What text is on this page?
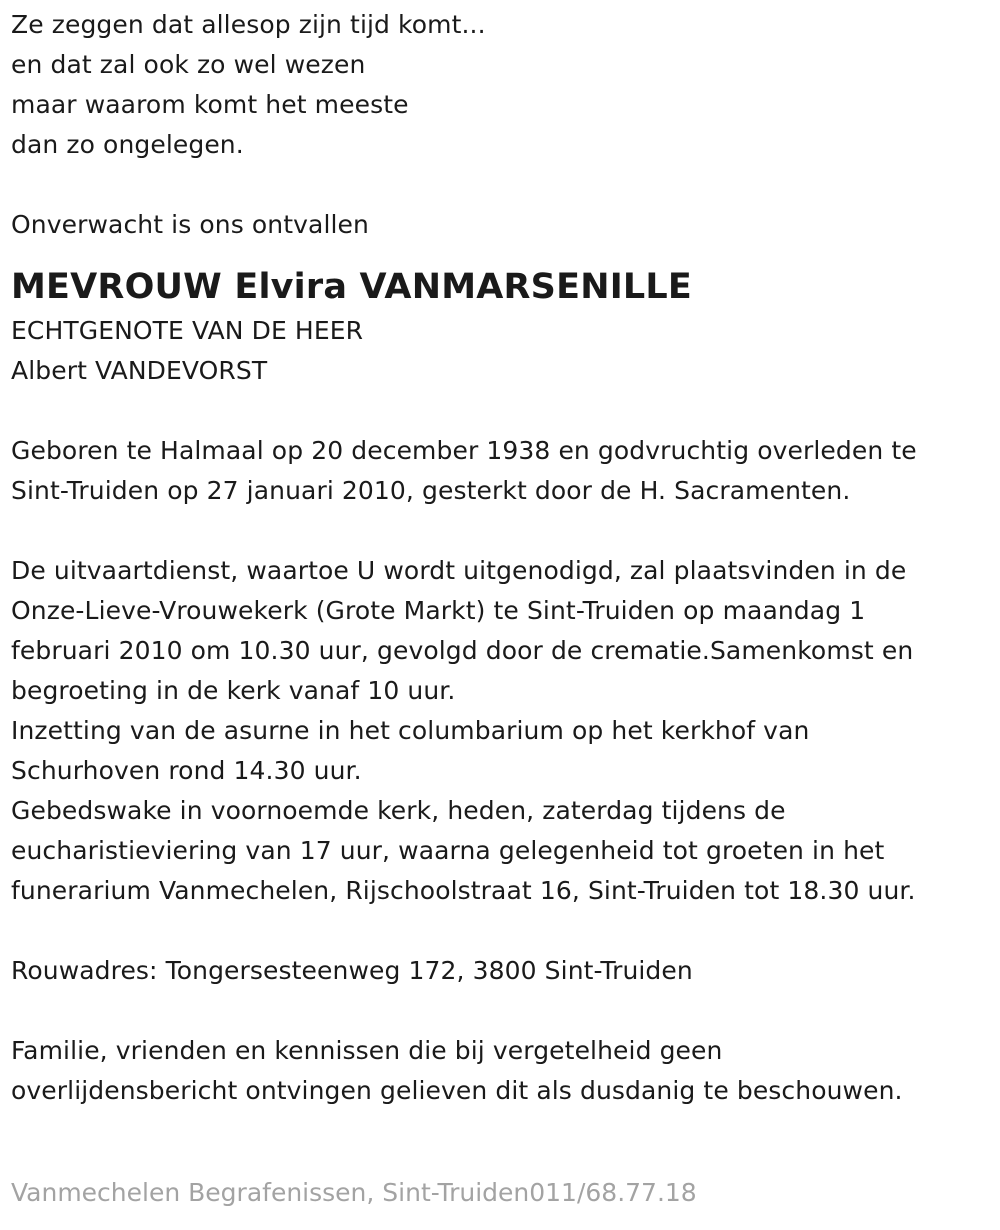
Ze zeggen dat allesop zijn tijd komt...
en dat zal ook zo wel wezen
maar waarom komt het meeste
dan zo ongelegen.
Onverwacht is ons ontvallen
MEVROUW Elvira VANMARSENILLE
ECHTGENOTE VAN DE HEER
Albert VANDEVORST
Geboren te Halmaal op 20 december 1938 en godvruchtig overleden te
Sint-Truiden op 27 januari 2010, gesterkt door de H. Sacramenten.
De uitvaartdienst, waartoe U wordt uitgenodigd, zal plaatsvinden in de
Onze-Lieve-Vrouwekerk (Grote Markt) te Sint-Truiden op maandag 1
februari 2010 om 10.30 uur, gevolgd door de crematie.Samenkomst en
begroeting in de kerk vanaf 10 uur.
Inzetting van de asurne in het columbarium op het kerkhof van
Schurhoven rond 14.30 uur.
Gebedswake in voornoemde kerk, heden, zaterdag tijdens de
eucharistieviering van 17 uur, waarna gelegenheid tot groeten in het
funerarium Vanmechelen, Rijschoolstraat 16, Sint-Truiden tot 18.30 uur.
Rouwadres: Tongersesteenweg 172, 3800 Sint-Truiden
Familie, vrienden en kennissen die bij vergetelheid geen
overlijdensbericht ontvingen gelieven dit als dusdanig te beschouwen.
Vanmechelen Begrafenissen, Sint-Truiden011/68.77.18
